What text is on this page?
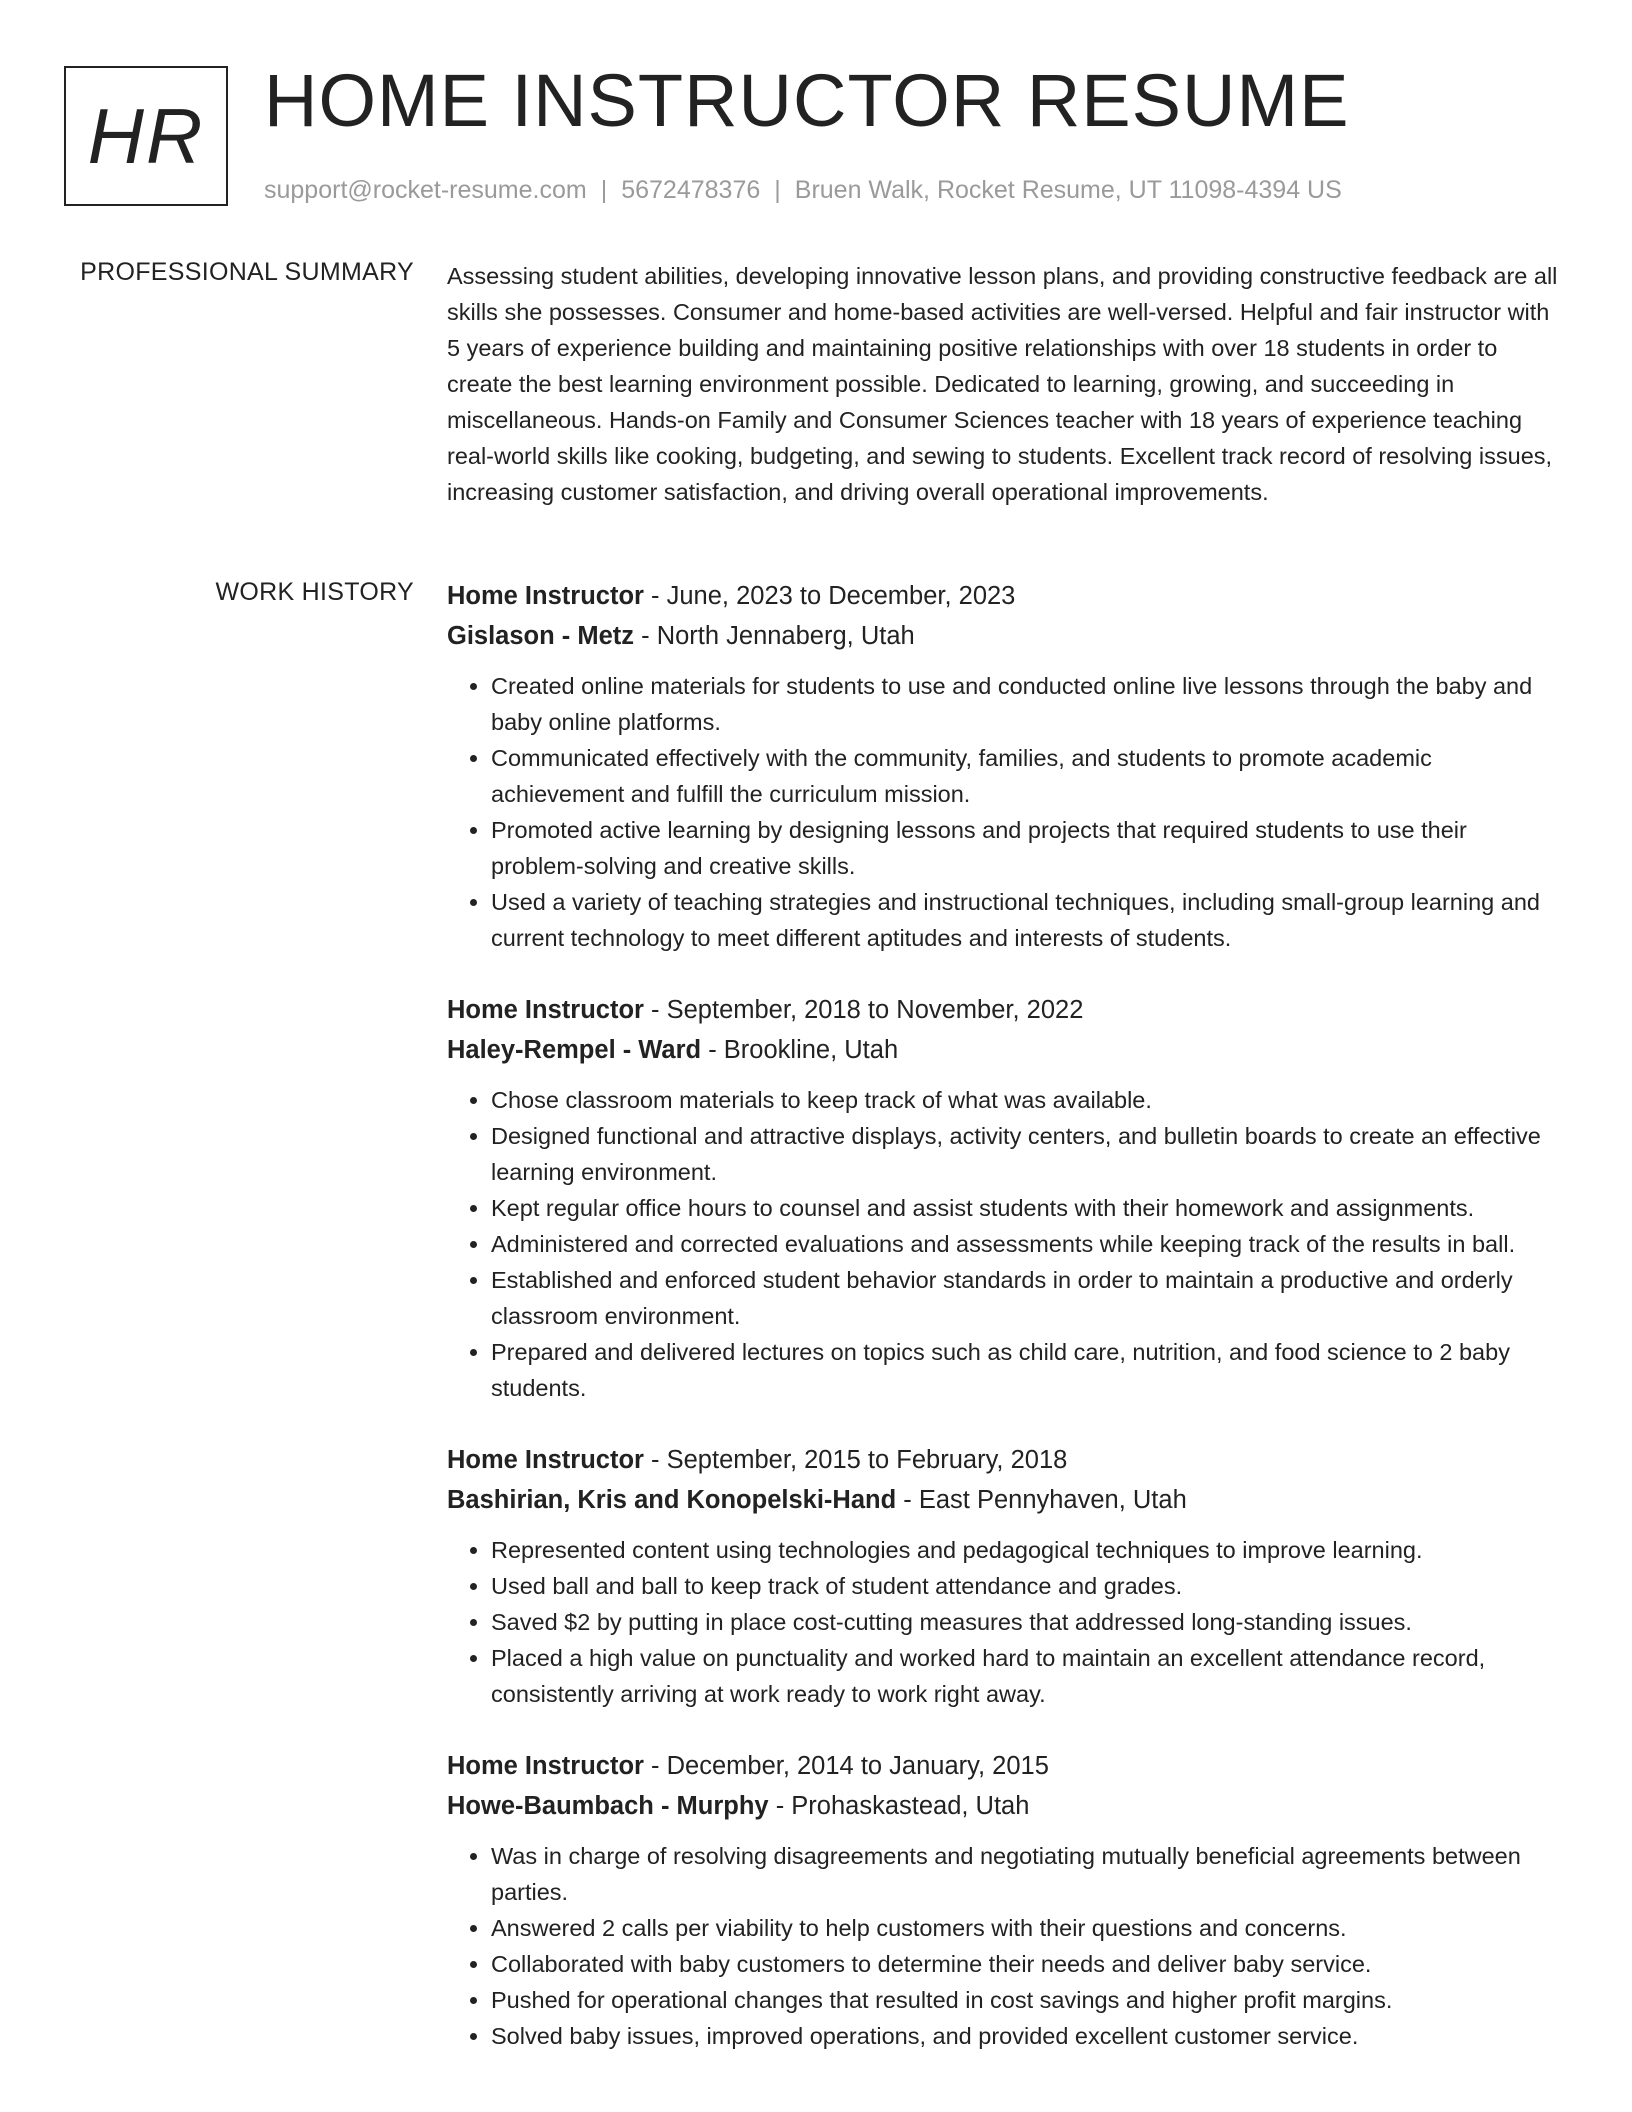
HR HOME INSTRUCTOR RESUME
support@rocket-resume.com | 5672478376 | Bruen Walk, Rocket Resume, UT 11098-4394 US
PROFESSIONAL SUMMARY Assessing student abilities, developing innovative lesson plans, and providing constructive feedback are all skills she possesses. Consumer and home-based activities are well-versed. Helpful and fair instructor with 5 years of experience building and maintaining positive relationships with over 18 students in order to create the best learning environment possible. Dedicated to learning, growing, and succeeding in miscellaneous. Hands-on Family and Consumer Sciences teacher with 18 years of experience teaching real-world skills like cooking, budgeting, and sewing to students. Excellent track record of resolving issues, increasing customer satisfaction, and driving overall operational improvements.

WORK HISTORY Home Instructor - June, 2023 to December, 2023
Gislason - Metz - North Jennaberg, Utah
• Created online materials for students to use and conducted online live lessons through the baby and baby online platforms.
• Communicated effectively with the community, families, and students to promote academic achievement and fulfill the curriculum mission.
• Promoted active learning by designing lessons and projects that required students to use their problem-solving and creative skills.
• Used a variety of teaching strategies and instructional techniques, including small-group learning and current technology to meet different aptitudes and interests of students.
Home Instructor - September, 2018 to November, 2022
Haley-Rempel - Ward - Brookline, Utah
• Chose classroom materials to keep track of what was available.
• Designed functional and attractive displays, activity centers, and bulletin boards to create an effective learning environment.
• Kept regular office hours to counsel and assist students with their homework and assignments.
• Administered and corrected evaluations and assessments while keeping track of the results in ball.
• Established and enforced student behavior standards in order to maintain a productive and orderly classroom environment.
• Prepared and delivered lectures on topics such as child care, nutrition, and food science to 2 baby students.
Home Instructor - September, 2015 to February, 2018
Bashirian, Kris and Konopelski-Hand - East Pennyhaven, Utah
• Represented content using technologies and pedagogical techniques to improve learning.
• Used ball and ball to keep track of student attendance and grades.
• Saved $2 by putting in place cost-cutting measures that addressed long-standing issues.
• Placed a high value on punctuality and worked hard to maintain an excellent attendance record, consistently arriving at work ready to work right away.
Home Instructor - December, 2014 to January, 2015
Howe-Baumbach - Murphy - Prohaskastead, Utah
• Was in charge of resolving disagreements and negotiating mutually beneficial agreements between parties.
• Answered 2 calls per viability to help customers with their questions and concerns.
• Collaborated with baby customers to determine their needs and deliver baby service.
• Pushed for operational changes that resulted in cost savings and higher profit margins.
• Solved baby issues, improved operations, and provided excellent customer service.
